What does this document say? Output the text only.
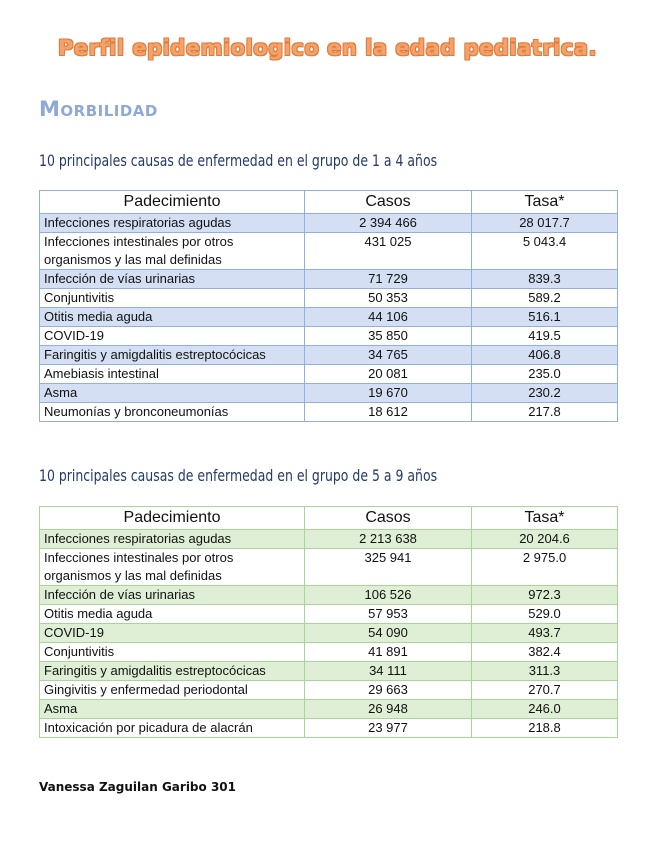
Perfil epidemiologico en la edad pediatrica.
Morbilidad
10 principales causas de enfermedad en el grupo de 1 a 4 años
Padecimiento	Casos	Tasa*
Infecciones respiratorias agudas	2 394 466	28 017.7
Infecciones intestinales por otros organismos y las mal definidas	431 025	5 043.4
Infección de vías urinarias	71 729	839.3
Conjuntivitis	50 353	589.2
Otitis media aguda	44 106	516.1
COVID-19	35 850	419.5
Faringitis y amigdalitis estreptocócicas	34 765	406.8
Amebiasis intestinal	20 081	235.0
Asma	19 670	230.2
Neumonías y bronconeumonías	18 612	217.8
10 principales causas de enfermedad en el grupo de 5 a 9 años
Padecimiento	Casos	Tasa*
Infecciones respiratorias agudas	2 213 638	20 204.6
Infecciones intestinales por otros organismos y las mal definidas	325 941	2 975.0
Infección de vías urinarias	106 526	972.3
Otitis media aguda	57 953	529.0
COVID-19	54 090	493.7
Conjuntivitis	41 891	382.4
Faringitis y amigdalitis estreptocócicas	34 111	311.3
Gingivitis y enfermedad periodontal	29 663	270.7
Asma	26 948	246.0
Intoxicación por picadura de alacrán	23 977	218.8
Vanessa Zaguilan Garibo 301
